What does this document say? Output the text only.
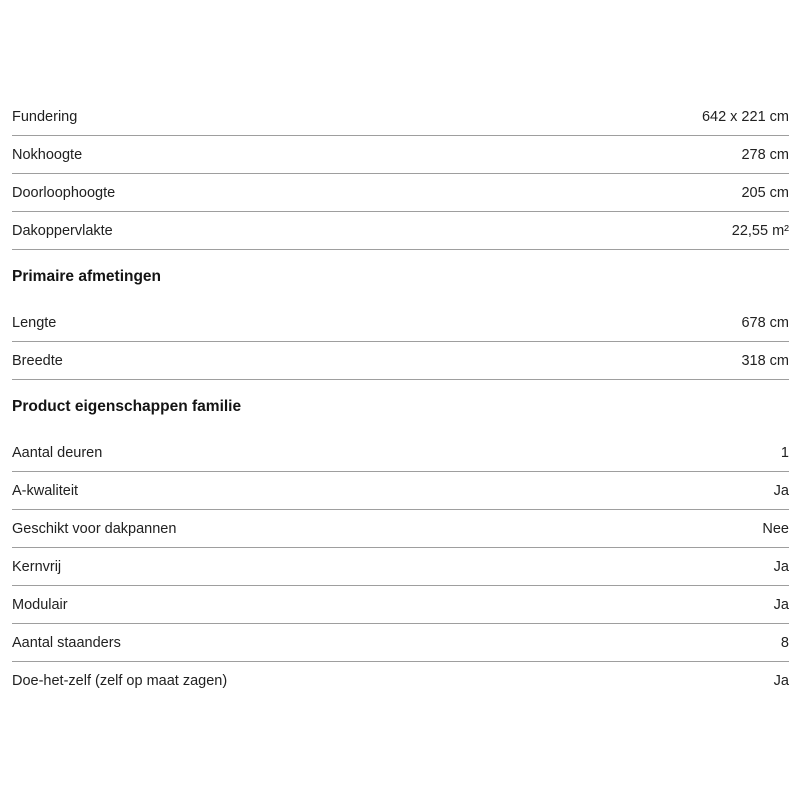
Fundering	642 x 221 cm
Nokhoogte	278 cm
Doorloophoogte	205 cm
Dakoppervlakte	22,55 m²
Primaire afmetingen
Lengte	678 cm
Breedte	318 cm
Product eigenschappen familie
Aantal deuren	1
A-kwaliteit	Ja
Geschikt voor dakpannen	Nee
Kernvrij	Ja
Modulair	Ja
Aantal staanders	8
Doe-het-zelf (zelf op maat zagen)	Ja
